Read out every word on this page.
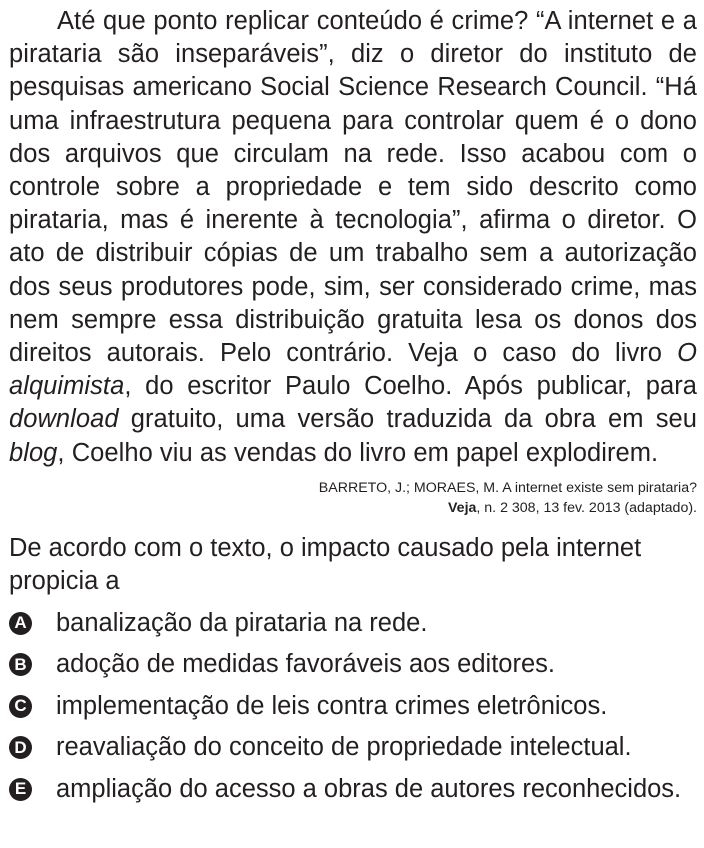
Até que ponto replicar conteúdo é crime? “A internet e a pirataria são inseparáveis”, diz o diretor do instituto de pesquisas americano Social Science Research Council. “Há uma infraestrutura pequena para controlar quem é o dono dos arquivos que circulam na rede. Isso acabou com o controle sobre a propriedade e tem sido descrito como pirataria, mas é inerente à tecnologia”, afirma o diretor. O ato de distribuir cópias de um trabalho sem a autorização dos seus produtores pode, sim, ser considerado crime, mas nem sempre essa distribuição gratuita lesa os donos dos direitos autorais. Pelo contrário. Veja o caso do livro O alquimista, do escritor Paulo Coelho. Após publicar, para download gratuito, uma versão traduzida da obra em seu blog, Coelho viu as vendas do livro em papel explodirem.

BARRETO, J.; MORAES, M. A internet existe sem pirataria?
Veja, n. 2 308, 13 fev. 2013 (adaptado).
De acordo com o texto, o impacto causado pela internet propicia a
A banalização da pirataria na rede.
B adoção de medidas favoráveis aos editores.
C implementação de leis contra crimes eletrônicos.
D reavaliação do conceito de propriedade intelectual.
E ampliação do acesso a obras de autores reconhecidos.
